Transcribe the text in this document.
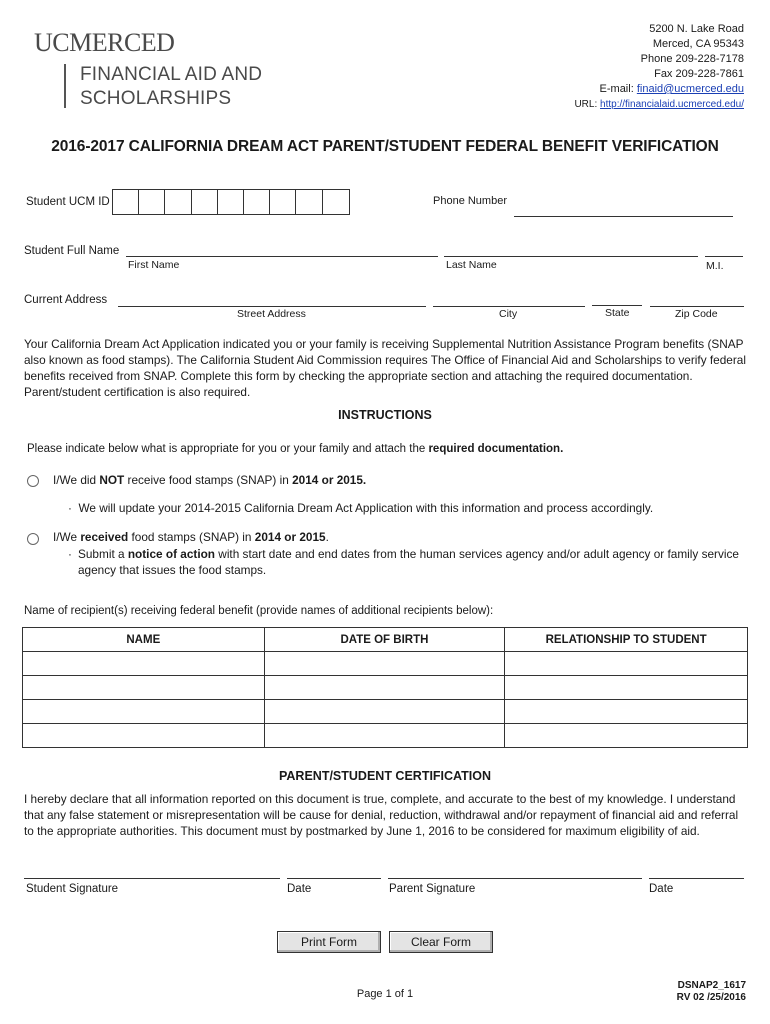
UCMERCED
FINANCIAL AID AND
SCHOLARSHIPS
5200 N. Lake Road
Merced, CA 95343
Phone 209-228-7178
Fax 209-228-7861
E-mail: finaid@ucmerced.edu
URL: http://financialaid.ucmerced.edu/
2016-2017 CALIFORNIA DREAM ACT PARENT/STUDENT FEDERAL BENEFIT VERIFICATION
Student UCM ID	Phone Number
Student Full Name
First Name	Last Name	M.I.
Current Address
Street Address	City	State	Zip Code
Your California Dream Act Application indicated you or your family is receiving Supplemental Nutrition Assistance Program benefits (SNAP also known as food stamps). The California Student Aid Commission requires The Office of Financial Aid and Scholarships to verify federal benefits received from SNAP. Complete this form by checking the appropriate section and attaching the required documentation. Parent/student certification is also required.
INSTRUCTIONS
Please indicate below what is appropriate for you or your family and attach the required documentation.
I/We did NOT receive food stamps (SNAP) in 2014 or 2015.
·  We will update your 2014-2015 California Dream Act Application with this information and process accordingly.
I/We received food stamps (SNAP) in 2014 or 2015.
· Submit a notice of action with start date and end dates from the human services agency and/or adult agency or family service agency that issues the food stamps.
Name of recipient(s) receiving federal benefit (provide names of additional recipients below):
NAME	DATE OF BIRTH	RELATIONSHIP TO STUDENT

PARENT/STUDENT CERTIFICATION
I hereby declare that all information reported on this document is true, complete, and accurate to the best of my knowledge. I understand that any false statement or misrepresentation will be cause for denial, reduction, withdrawal and/or repayment of financial aid and referral to the appropriate authorities. This document must by postmarked by June 1, 2016 to be considered for maximum eligibility of aid.
Student Signature	Date	Parent Signature	Date
Print Form	Clear Form
Page 1 of 1
DSNAP2_1617
RV 02 /25/2016
